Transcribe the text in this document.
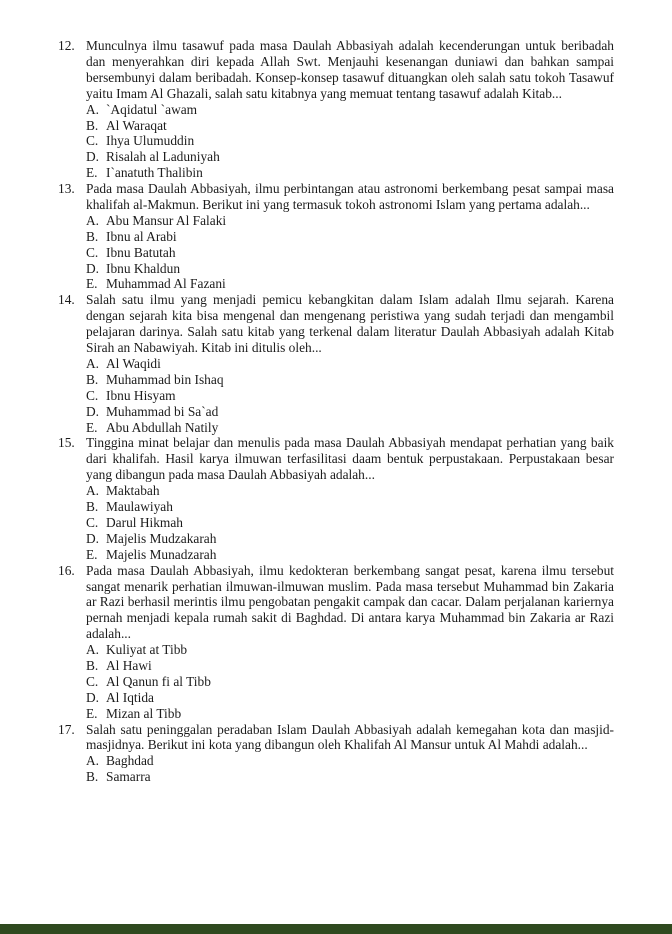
12. Munculnya ilmu tasawuf pada masa Daulah Abbasiyah adalah kecenderungan untuk beribadah dan menyerahkan diri kepada Allah Swt. Menjauhi kesenangan duniawi dan bahkan sampai bersembunyi dalam beribadah. Konsep-konsep tasawuf dituangkan oleh salah satu tokoh Tasawuf yaitu Imam Al Ghazali, salah satu kitabnya yang memuat tentang tasawuf adalah Kitab...
A. `Aqidatul `awam
B. Al Waraqat
C. Ihya Ulumuddin
D. Risalah al Laduniyah
E. I`anatuth Thalibin
13. Pada masa Daulah Abbasiyah, ilmu perbintangan atau astronomi berkembang pesat sampai masa khalifah al-Makmun. Berikut ini yang termasuk tokoh astronomi Islam yang pertama adalah...
A. Abu Mansur Al Falaki
B. Ibnu al Arabi
C. Ibnu Batutah
D. Ibnu Khaldun
E. Muhammad Al Fazani
14. Salah satu ilmu yang menjadi pemicu kebangkitan dalam Islam adalah Ilmu sejarah. Karena dengan sejarah kita bisa mengenal dan mengenang peristiwa yang sudah terjadi dan mengambil pelajaran darinya. Salah satu kitab yang terkenal dalam literatur Daulah Abbasiyah adalah Kitab Sirah an Nabawiyah. Kitab ini ditulis oleh...
A. Al Waqidi
B. Muhammad bin Ishaq
C. Ibnu Hisyam
D. Muhammad bi Sa`ad
E. Abu Abdullah Natily
15. Tinggina minat belajar dan menulis pada masa Daulah Abbasiyah mendapat perhatian yang baik dari khalifah. Hasil karya ilmuwan terfasilitasi daam bentuk perpustakaan. Perpustakaan besar yang dibangun pada masa Daulah Abbasiyah adalah...
A. Maktabah
B. Maulawiyah
C. Darul Hikmah
D. Majelis Mudzakarah
E. Majelis Munadzarah
16. Pada masa Daulah Abbasiyah, ilmu kedokteran berkembang sangat pesat, karena ilmu tersebut sangat menarik perhatian ilmuwan-ilmuwan muslim. Pada masa tersebut Muhammad bin Zakaria ar Razi berhasil merintis ilmu pengobatan pengakit campak dan cacar. Dalam perjalanan kariernya pernah menjadi kepala rumah sakit di Baghdad. Di antara karya Muhammad bin Zakaria ar Razi adalah...
A. Kuliyat at Tibb
B. Al Hawi
C. Al Qanun fi al Tibb
D. Al Iqtida
E. Mizan al Tibb
17. Salah satu peninggalan peradaban Islam Daulah Abbasiyah adalah kemegahan kota dan masjid-masjidnya. Berikut ini kota yang dibangun oleh Khalifah Al Mansur untuk Al Mahdi adalah...
A. Baghdad
B. Samarra
